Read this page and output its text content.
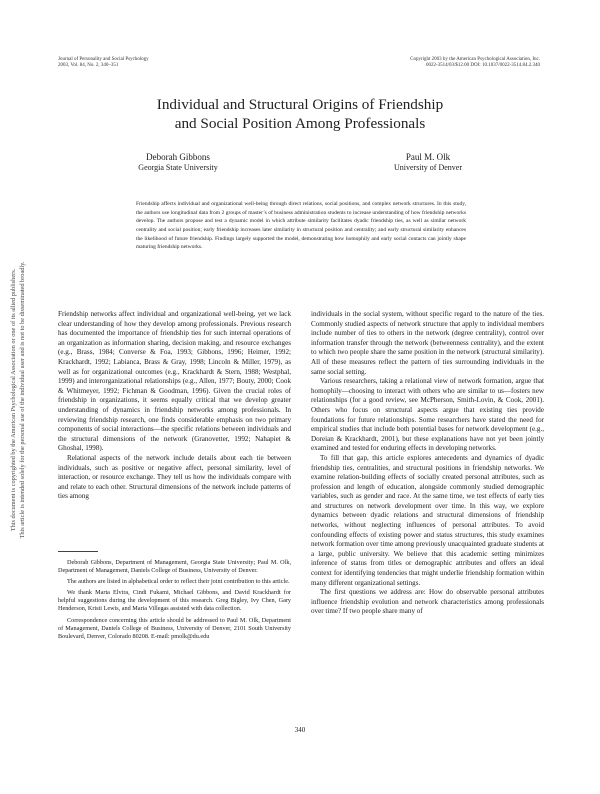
Journal of Personality and Social Psychology
2003, Vol. 84, No. 2, 340–351
Copyright 2003 by the American Psychological Association, Inc.
0022-3514/03/$12.00 DOI: 10.1037/0022-3514.84.2.340
Individual and Structural Origins of Friendship
and Social Position Among Professionals
Deborah Gibbons
Georgia State University
Paul M. Olk
University of Denver
Friendship affects individual and organizational well-being through direct relations, social positions, and complex network structures. In this study, the authors use longitudinal data from 2 groups of master’s of business administration students to increase understanding of how friendship networks develop. The authors propose and test a dynamic model in which attribute similarity facilitates dyadic friendship ties, as well as similar network centrality and social position; early friendship increases later similarity in structural position and centrality; and early structural similarity enhances the likelihood of future friendship. Findings largely supported the model, demonstrating how homophily and early social contacts can jointly shape maturing friendship networks.

Friendship networks affect individual and organizational well-being, yet we lack clear understanding of how they develop among professionals. Previous research has documented the importance of friendship ties for such internal operations of an organization as information sharing, decision making, and resource exchanges (e.g., Brass, 1984; Converse & Foa, 1993; Gibbons, 1996; Heimer, 1992; Krackhardt, 1992; Labianca, Brass & Gray, 1998; Lincoln & Miller, 1979), as well as for organizational outcomes (e.g., Krackhardt & Stern, 1988; Westphal, 1999) and interorganizational relationships (e.g., Allen, 1977; Bouty, 2000; Cook & Whitmeyer, 1992; Fichman & Goodman, 1996). Given the crucial roles of friendship in organizations, it seems equally critical that we develop greater understanding of dynamics in friendship networks among professionals. In reviewing friendship research, one finds considerable emphasis on two primary components of social interactions—the specific relations between individuals and the structural dimensions of the network (Granovetter, 1992; Nahapiet & Ghoshal, 1998).

Relational aspects of the network include details about each tie between individuals, such as positive or negative affect, personal similarity, level of interaction, or resource exchange. They tell us how the individuals compare with and relate to each other. Structural dimensions of the network include patterns of ties among

Deborah Gibbons, Department of Management, Georgia State University; Paul M. Olk, Department of Management, Daniels College of Business, University of Denver.

The authors are listed in alphabetical order to reflect their joint contribution to this article.

We thank Marta Elvira, Cindi Fukami, Michael Gibbons, and David Krackhardt for helpful suggestions during the development of this research. Greg Bigley, Ivy Chen, Gary Henderson, Kristi Lewis, and Maria Villegas assisted with data collection.

Correspondence concerning this article should be addressed to Paul M. Olk, Department of Management, Daniels College of Business, University of Denver, 2101 South University Boulevard, Denver, Colorado 80208. E-mail: pmolk@du.edu

individuals in the social system, without specific regard to the nature of the ties. Commonly studied aspects of network structure that apply to individual members include number of ties to others in the network (degree centrality), control over information transfer through the network (betweenness centrality), and the extent to which two people share the same position in the network (structural similarity). All of these measures reflect the pattern of ties surrounding individuals in the same social setting.

Various researchers, taking a relational view of network formation, argue that homophily—choosing to interact with others who are similar to us—fosters new relationships (for a good review, see McPherson, Smith-Lovin, & Cook, 2001). Others who focus on structural aspects argue that existing ties provide foundations for future relationships. Some researchers have stated the need for empirical studies that include both potential bases for network development (e.g., Doreian & Krackhardt, 2001), but these explanations have not yet been jointly examined and tested for enduring effects in developing networks.

To fill that gap, this article explores antecedents and dynamics of dyadic friendship ties, centralities, and structural positions in friendship networks. We examine relation-building effects of socially created personal attributes, such as profession and length of education, alongside commonly studied demographic variables, such as gender and race. At the same time, we test effects of early ties and structures on network development over time. In this way, we explore dynamics between dyadic relations and structural dimensions of friendship networks, without neglecting influences of personal attributes. To avoid confounding effects of existing power and status structures, this study examines network formation over time among previously unacquainted graduate students at a large, public university. We believe that this academic setting minimizes inference of status from titles or demographic attributes and offers an ideal context for identifying tendencies that might underlie friendship formation within many different organizational settings.

The first questions we address are: How do observable personal attributes influence friendship evolution and network characteristics among professionals over time? If two people share many of

340
This document is copyrighted by the American Psychological Association or one of its allied publishers. This article is intended solely for the personal use of the individual user and is not to be disseminated broadly.
